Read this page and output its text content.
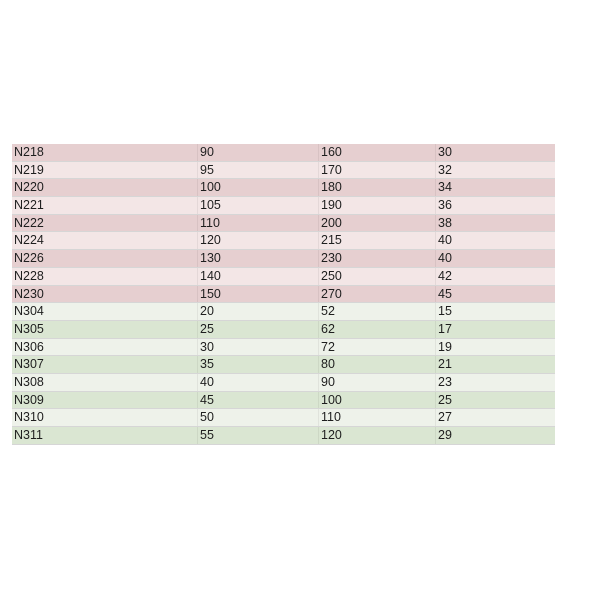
N218	90	160	30
N219	95	170	32
N220	100	180	34
N221	105	190	36
N222	110	200	38
N224	120	215	40
N226	130	230	40
N228	140	250	42
N230	150	270	45
N304	20	52	15
N305	25	62	17
N306	30	72	19
N307	35	80	21
N308	40	90	23
N309	45	100	25
N310	50	110	27
N311	55	120	29
